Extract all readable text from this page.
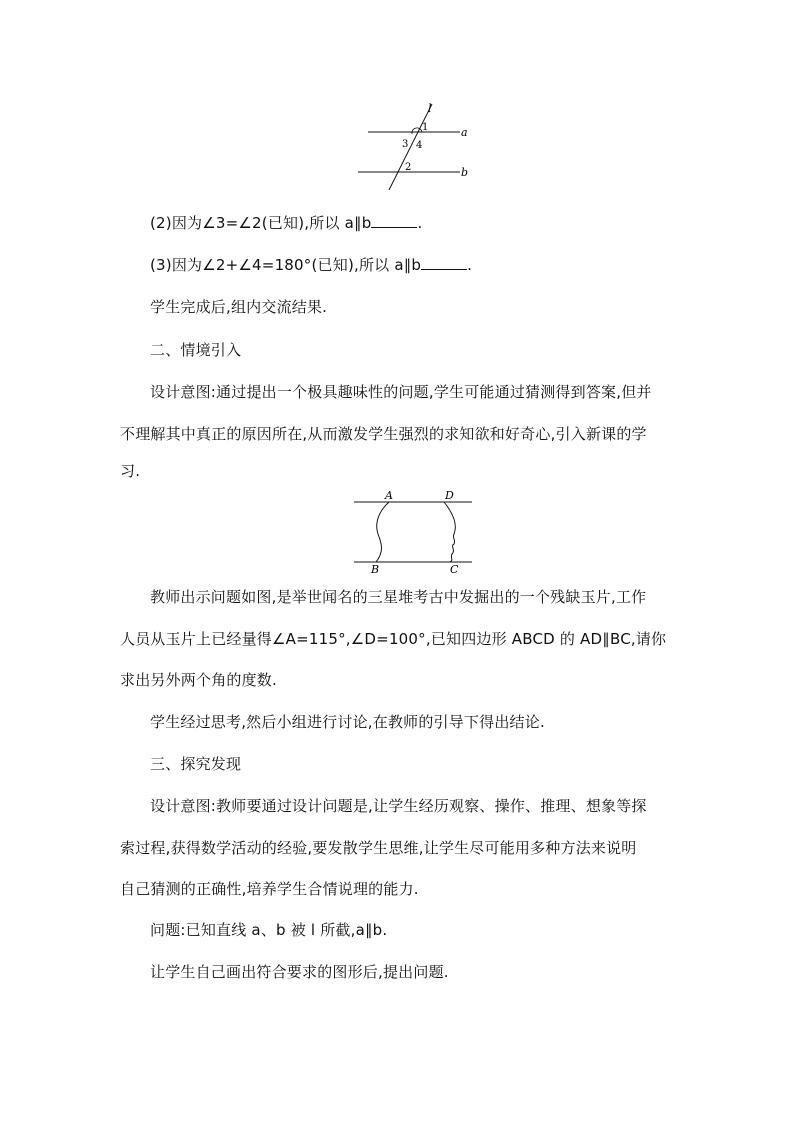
l
a
b
1
3 4
2
(2)因为∠3=∠2(已知),所以 a∥b	.
(3)因为∠2+∠4=180°(已知),所以 a∥b	.
学生完成后,组内交流结果.
二、情境引入
设计意图:通过提出一个极具趣味性的问题,学生可能通过猜测得到答案,但并
不理解其中真正的原因所在,从而激发学生强烈的求知欲和好奇心,引入新课的学
习.
A	D
B	C
教师出示问题如图,是举世闻名的三星堆考古中发掘出的一个残缺玉片,工作
人员从玉片上已经量得∠A=115°,∠D=100°,已知四边形 ABCD 的 AD∥BC,请你
求出另外两个角的度数.
学生经过思考,然后小组进行讨论,在教师的引导下得出结论.
三、探究发现
设计意图:教师要通过设计问题是,让学生经历观察、操作、推理、想象等探
索过程,获得数学活动的经验,要发散学生思维,让学生尽可能用多种方法来说明
自己猜测的正确性,培养学生合情说理的能力.
问题:已知直线 a、b 被 l 所截,a∥b.
让学生自己画出符合要求的图形后,提出问题.
